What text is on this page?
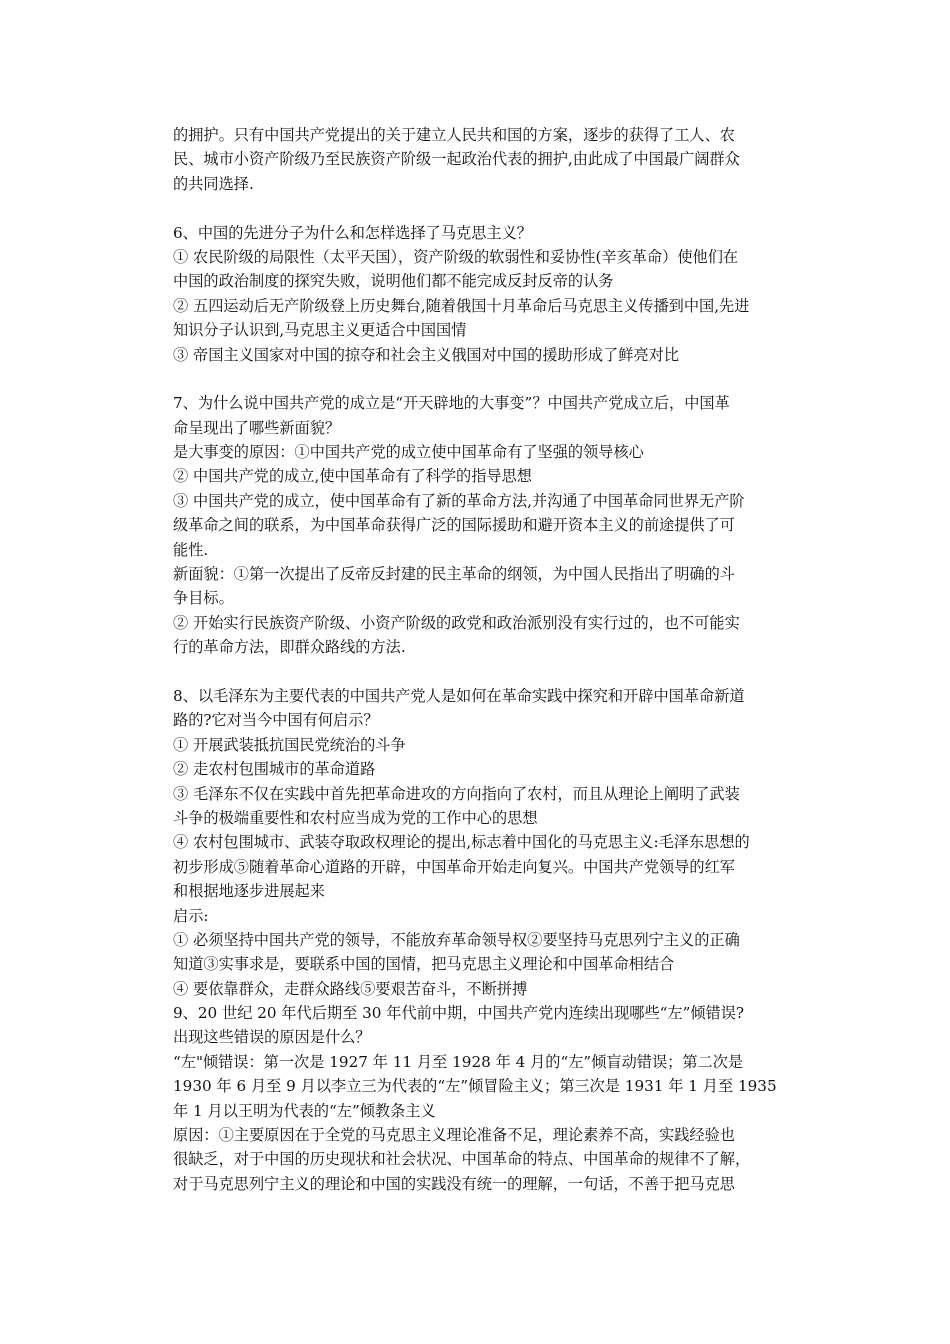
的拥护。只有中国共产党提出的关于建立人民共和国的方案，逐步的获得了工人、农
民、城市小资产阶级乃至民族资产阶级一起政治代表的拥护,由此成了中国最广阔群众
的共同选择.
6、中国的先进分子为什么和怎样选择了马克思主义？
① 农民阶级的局限性（太平天国），资产阶级的软弱性和妥协性(辛亥革命）使他们在
中国的政治制度的探究失败，说明他们都不能完成反封反帝的认务
② 五四运动后无产阶级登上历史舞台,随着俄国十月革命后马克思主义传播到中国,先进
知识分子认识到,马克思主义更适合中国国情
③ 帝国主义国家对中国的掠夺和社会主义俄国对中国的援助形成了鲜亮对比
7、为什么说中国共产党的成立是“开天辟地的大事变”？中国共产党成立后，中国革
命呈现出了哪些新面貌？
是大事变的原因：①中国共产党的成立使中国革命有了坚强的领导核心
② 中国共产党的成立,使中国革命有了科学的指导思想
③ 中国共产党的成立，使中国革命有了新的革命方法,并沟通了中国革命同世界无产阶
级革命之间的联系，为中国革命获得广泛的国际援助和避开资本主义的前途提供了可
能性.
新面貌：①第一次提出了反帝反封建的民主革命的纲领，为中国人民指出了明确的斗
争目标。
② 开始实行民族资产阶级、小资产阶级的政党和政治派别没有实行过的，也不可能实
行的革命方法，即群众路线的方法.
8、以毛泽东为主要代表的中国共产党人是如何在革命实践中探究和开辟中国革命新道
路的?它对当今中国有何启示？
① 开展武装抵抗国民党统治的斗争
② 走农村包围城市的革命道路
③ 毛泽东不仅在实践中首先把革命进攻的方向指向了农村，而且从理论上阐明了武装
斗争的极端重要性和农村应当成为党的工作中心的思想
④ 农村包围城市、武装夺取政权理论的提出,标志着中国化的马克思主义:毛泽东思想的
初步形成⑤随着革命心道路的开辟，中国革命开始走向复兴。中国共产党领导的红军
和根据地逐步进展起来
启示:
① 必须坚持中国共产党的领导，不能放弃革命领导权②要坚持马克思列宁主义的正确
知道③实事求是，要联系中国的国情，把马克思主义理论和中国革命相结合
④ 要依靠群众，走群众路线⑤要艰苦奋斗，不断拼搏
9、20 世纪 20 年代后期至 30 年代前中期，中国共产党内连续出现哪些“左”倾错误?
出现这些错误的原因是什么？
“左"倾错误：第一次是 1927 年 11 月至 1928 年 4 月的“左”倾盲动错误；第二次是
1930 年 6 月至 9 月以李立三为代表的“左”倾冒险主义；第三次是 1931 年 1 月至 1935
年 1 月以王明为代表的“左”倾教条主义
原因：①主要原因在于全党的马克思主义理论准备不足，理论素养不高，实践经验也
很缺乏，对于中国的历史现状和社会状况、中国革命的特点、中国革命的规律不了解，
对于马克思列宁主义的理论和中国的实践没有统一的理解，一句话，不善于把马克思
